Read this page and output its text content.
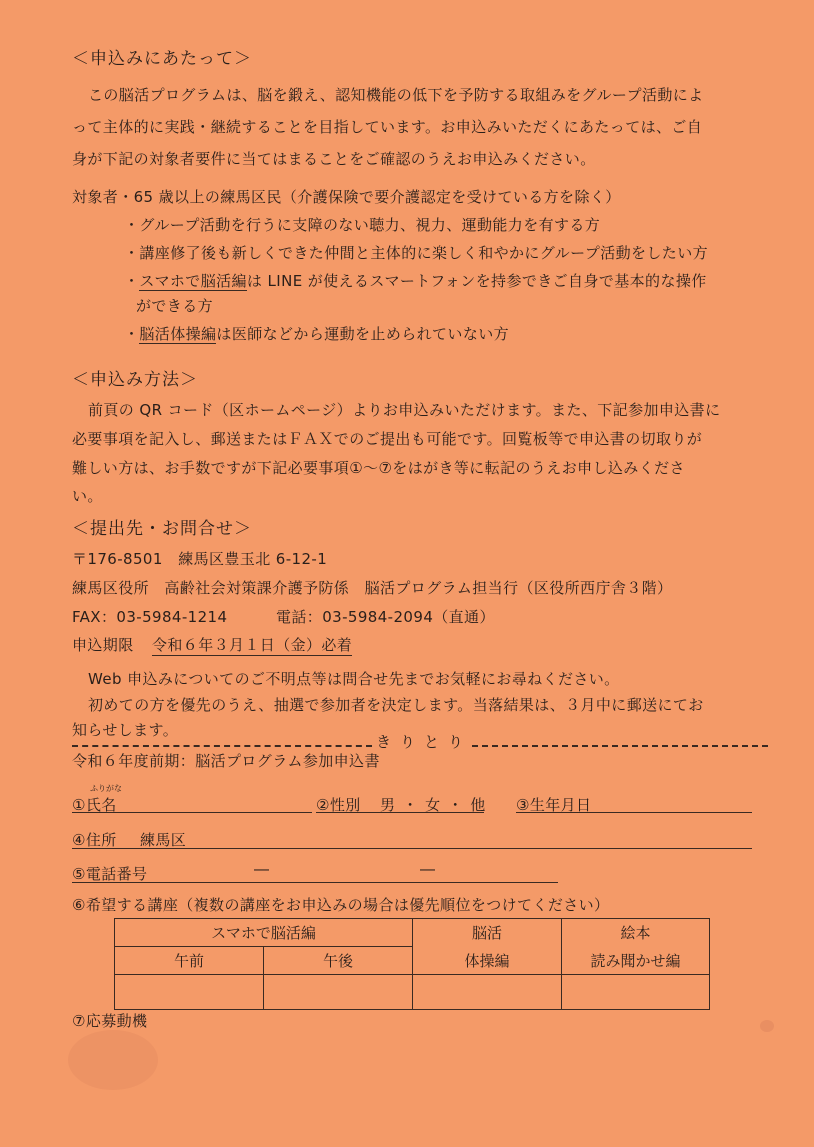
＜申込みにあたって＞
この脳活プログラムは、脳を鍛え、認知機能の低下を予防する取組みをグループ活動によ
って主体的に実践・継続することを目指しています。お申込みいただくにあたっては、ご自
身が下記の対象者要件に当てはまることをご確認のうえお申込みください。
対象者・65 歳以上の練馬区民（介護保険で要介護認定を受けている方を除く）
・グループ活動を行うに支障のない聴力、視力、運動能力を有する方
・講座修了後も新しくできた仲間と主体的に楽しく和やかにグループ活動をしたい方
・スマホで脳活編は LINE が使えるスマートフォンを持参できご自身で基本的な操作
ができる方
・脳活体操編は医師などから運動を止められていない方
＜申込み方法＞
前頁の QR コード（区ホームページ）よりお申込みいただけます。また、下記参加申込書に
必要事項を記入し、郵送またはＦＡＸでのご提出も可能です。回覧板等で申込書の切取りが
難しい方は、お手数ですが下記必要事項①～⑦をはがき等に転記のうえお申し込みくださ
い。
＜提出先・お問合せ＞
〒176-8501　練馬区豊玉北 6-12-1
練馬区役所　高齢社会対策課介護予防係　脳活プログラム担当行（区役所西庁舎３階）
FAX：03-5984-1214	電話：03-5984-2094（直通）
申込期限 令和６年３月１日（金）必着
Web 申込みについてのご不明点等は問合せ先までお気軽にお尋ねください。
初めての方を優先のうえ、抽選で参加者を決定します。当落結果は、３月中に郵送にてお
知らせします。
きりとり
令和６年度前期：脳活プログラム参加申込書
ふりがな
①氏名	②性別 男 ・ 女 ・ 他 ③生年月日
④住所 練馬区
⑤電話番号	―	―
⑥希望する講座（複数の講座をお申込みの場合は優先順位をつけてください）
スマホで脳活編		脳活	絵本
午前	午後	体操編	読み聞かせ編

⑦応募動機
